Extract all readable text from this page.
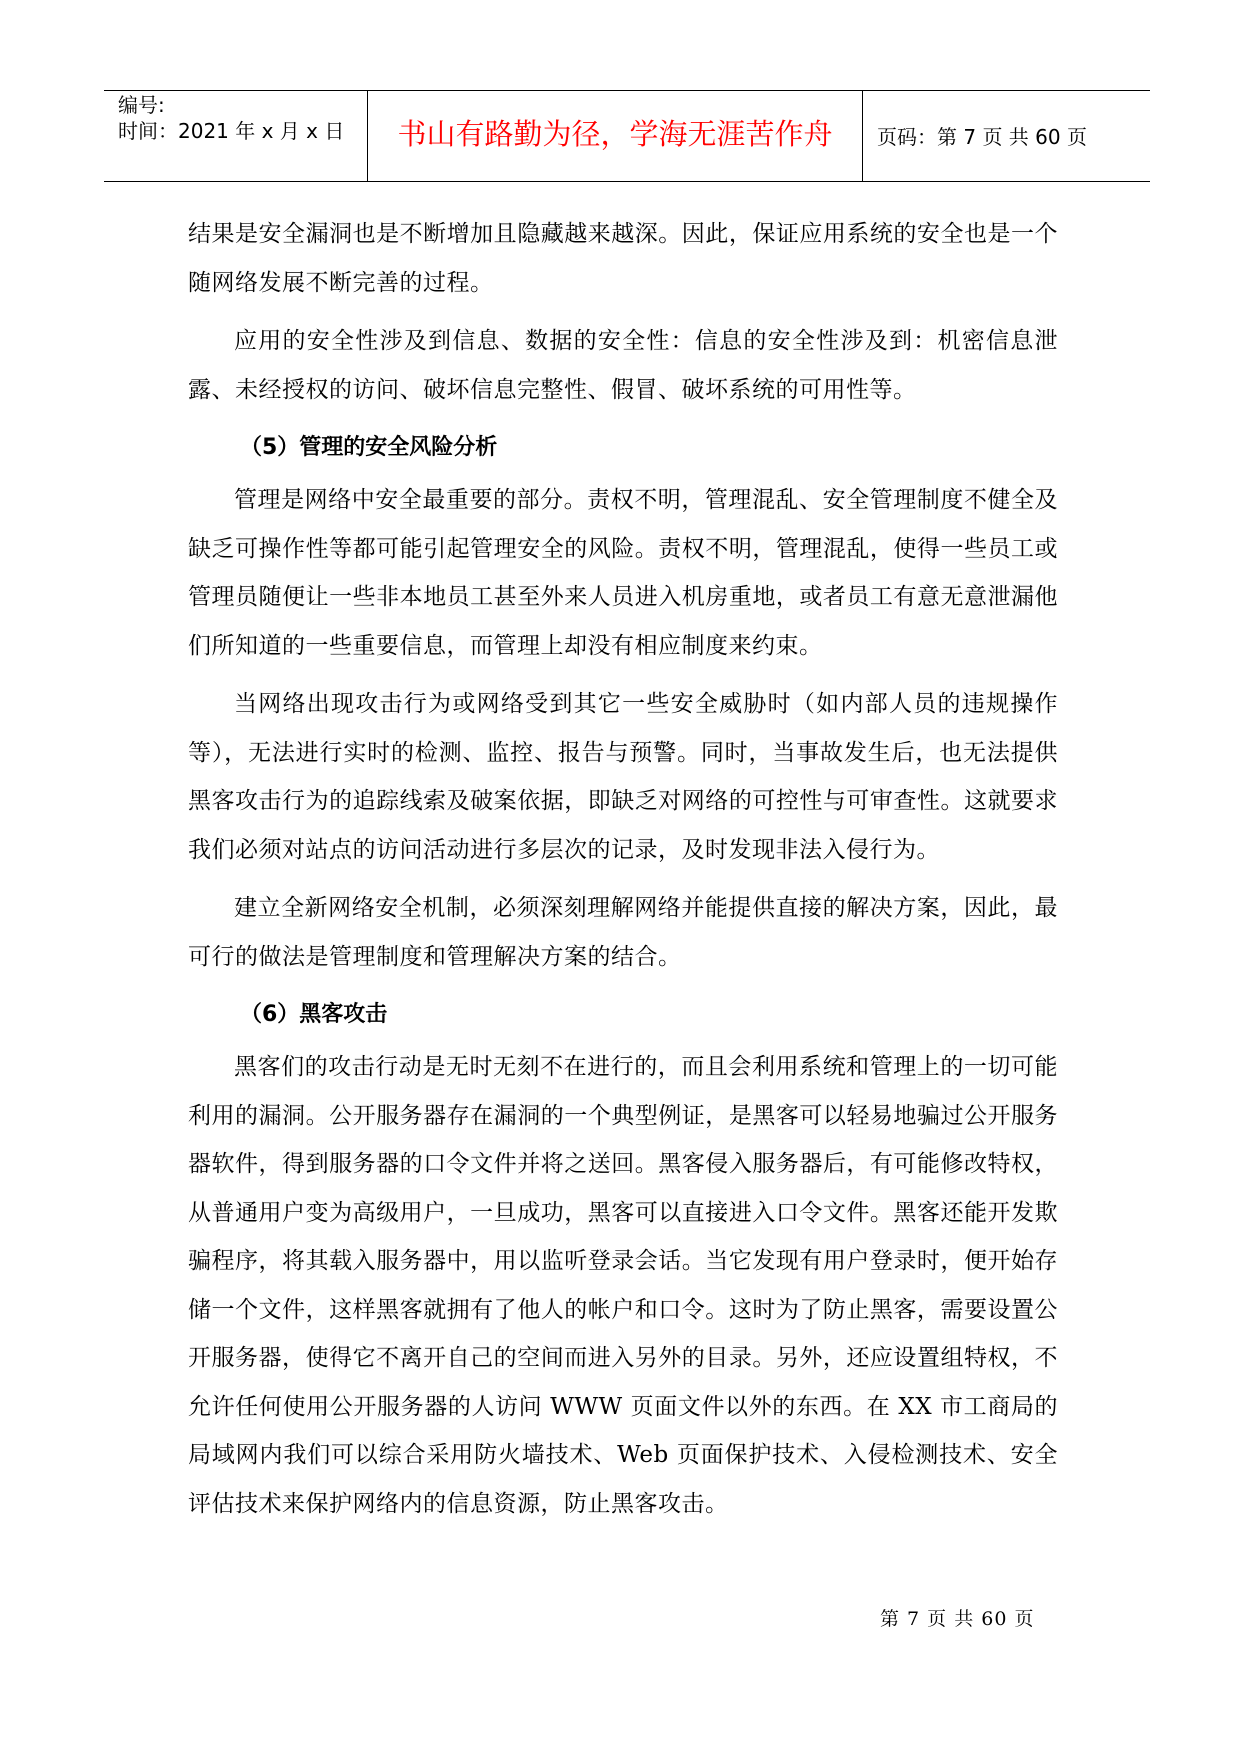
编号:
时间：2021 年 x 月 x 日	书山有路勤为径，学海无涯苦作舟	页码：第 7 页 共 60 页

结果是安全漏洞也是不断增加且隐藏越来越深。因此，保证应用系统的安全也是一个随网络发展不断完善的过程。

应用的安全性涉及到信息、数据的安全性：信息的安全性涉及到：机密信息泄露、未经授权的访问、破坏信息完整性、假冒、破坏系统的可用性等。

（5）管理的安全风险分析

管理是网络中安全最重要的部分。责权不明，管理混乱、安全管理制度不健全及缺乏可操作性等都可能引起管理安全的风险。责权不明，管理混乱，使得一些员工或管理员随便让一些非本地员工甚至外来人员进入机房重地，或者员工有意无意泄漏他们所知道的一些重要信息，而管理上却没有相应制度来约束。

当网络出现攻击行为或网络受到其它一些安全威胁时（如内部人员的违规操作等），无法进行实时的检测、监控、报告与预警。同时，当事故发生后，也无法提供黑客攻击行为的追踪线索及破案依据，即缺乏对网络的可控性与可审查性。这就要求我们必须对站点的访问活动进行多层次的记录，及时发现非法入侵行为。

建立全新网络安全机制，必须深刻理解网络并能提供直接的解决方案，因此，最可行的做法是管理制度和管理解决方案的结合。

（6）黑客攻击

黑客们的攻击行动是无时无刻不在进行的，而且会利用系统和管理上的一切可能利用的漏洞。公开服务器存在漏洞的一个典型例证，是黑客可以轻易地骗过公开服务器软件，得到服务器的口令文件并将之送回。黑客侵入服务器后，有可能修改特权，从普通用户变为高级用户，一旦成功，黑客可以直接进入口令文件。黑客还能开发欺骗程序，将其载入服务器中，用以监听登录会话。当它发现有用户登录时，便开始存储一个文件，这样黑客就拥有了他人的帐户和口令。这时为了防止黑客，需要设置公开服务器，使得它不离开自己的空间而进入另外的目录。另外，还应设置组特权，不允许任何使用公开服务器的人访问 WWW 页面文件以外的东西。在 XX 市工商局的局域网内我们可以综合采用防火墙技术、Web 页面保护技术、入侵检测技术、安全评估技术来保护网络内的信息资源，防止黑客攻击。

第 7 页 共 60 页
